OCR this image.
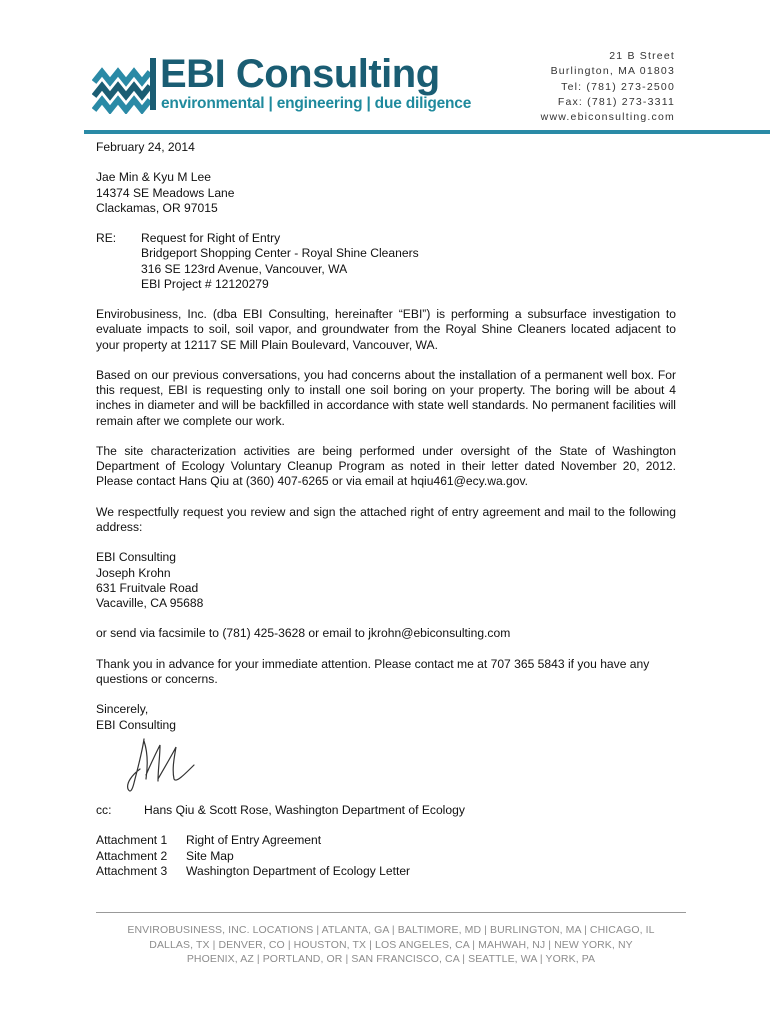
EBI Consulting
environmental | engineering | due diligence
21 B Street
Burlington, MA 01803
Tel: (781) 273-2500
Fax: (781) 273-3311
www.ebiconsulting.com

February 24, 2014

Jae Min & Kyu M Lee

14374 SE Meadows Lane

Clackamas, OR 97015

RE:	Request for Right of Entry

Bridgeport Shopping Center - Royal Shine Cleaners

316 SE 123rd Avenue, Vancouver, WA

EBI Project # 12120279

Envirobusiness, Inc. (dba EBI Consulting, hereinafter “EBI”) is performing a subsurface investigation to evaluate impacts to soil, soil vapor, and groundwater from the Royal Shine Cleaners located adjacent to your property at 12117 SE Mill Plain Boulevard, Vancouver, WA.

Based on our previous conversations, you had concerns about the installation of a permanent well box. For this request, EBI is requesting only to install one soil boring on your property. The boring will be about 4 inches in diameter and will be backfilled in accordance with state well standards. No permanent facilities will remain after we complete our work.

The site characterization activities are being performed under oversight of the State of Washington Department of Ecology Voluntary Cleanup Program as noted in their letter dated November 20, 2012. Please contact Hans Qiu at (360) 407-6265 or via email at hqiu461@ecy.wa.gov.

We respectfully request you review and sign the attached right of entry agreement and mail to the following address:

EBI Consulting

Joseph Krohn

631 Fruitvale Road

Vacaville, CA 95688

or send via facsimile to (781) 425-3628 or email to jkrohn@ebiconsulting.com

Thank you in advance for your immediate attention. Please contact me at 707 365 5843 if you have any questions or concerns.

Sincerely,

EBI Consulting

cc:	Hans Qiu & Scott Rose, Washington Department of Ecology
Attachment 1	Right of Entry Agreement
Attachment 2	Site Map
Attachment 3	Washington Department of Ecology Letter
ENVIROBUSINESS, INC. LOCATIONS | ATLANTA, GA | BALTIMORE, MD | BURLINGTON, MA | CHICAGO, IL
DALLAS, TX | DENVER, CO | HOUSTON, TX | LOS ANGELES, CA | MAHWAH, NJ | NEW YORK, NY
PHOENIX, AZ | PORTLAND, OR | SAN FRANCISCO, CA | SEATTLE, WA | YORK, PA
